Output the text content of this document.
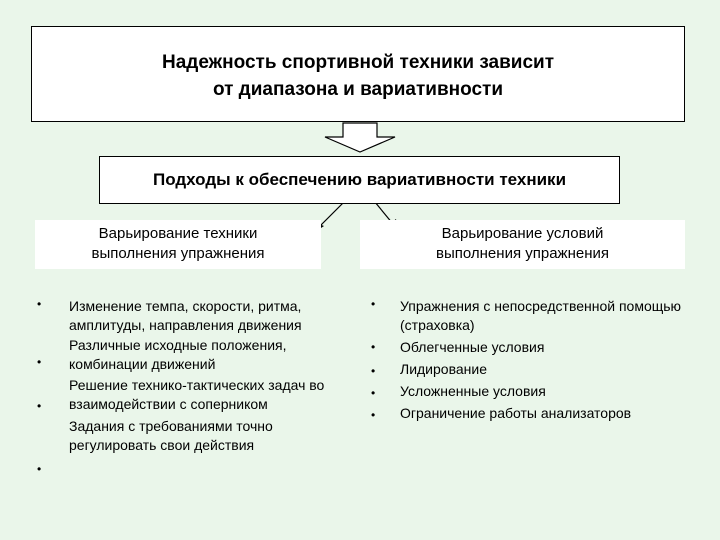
Надежность спортивной техники зависит
от диапазона и вариативности
Подходы к обеспечению вариативности техники
Варьирование техники
выполнения упражнения
Варьирование условий
выполнения упражнения
Изменение темпа, скорости, ритма, амплитуды, направления движения
Различные исходные положения, комбинации движений
Решение технико-тактических задач во взаимодействии с соперником
Задания с требованиями точно регулировать свои действия
•
•
•
•
Упражнения с непосредственной помощью (страховка)
Облегченные условия
Лидирование
Усложненные условия
Ограничение работы анализаторов
•
•
•
•
•
